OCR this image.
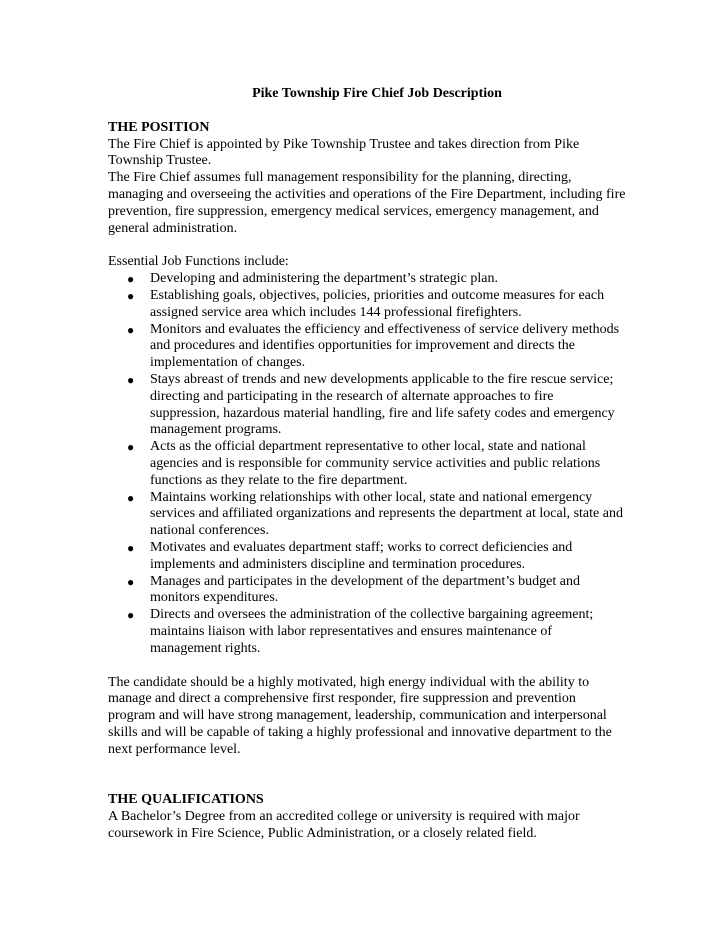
Pike Township Fire Chief Job Description

THE POSITION

The Fire Chief is appointed by Pike Township Trustee and takes direction from Pike Township Trustee.

The Fire Chief assumes full management responsibility for the planning, directing, managing and overseeing the activities and operations of the Fire Department, including fire prevention, fire suppression, emergency medical services, emergency management, and general administration.

Essential Job Functions include:

● Developing and administering the department’s strategic plan.
● Establishing goals, objectives, policies, priorities and outcome measures for each assigned service area which includes 144 professional firefighters.
● Monitors and evaluates the efficiency and effectiveness of service delivery methods and procedures and identifies opportunities for improvement and directs the implementation of changes.
● Stays abreast of trends and new developments applicable to the fire rescue service; directing and participating in the research of alternate approaches to fire suppression, hazardous material handling, fire and life safety codes and emergency management programs.
● Acts as the official department representative to other local, state and national agencies and is responsible for community service activities and public relations functions as they relate to the fire department.
● Maintains working relationships with other local, state and national emergency services and affiliated organizations and represents the department at local, state and national conferences.
● Motivates and evaluates department staff; works to correct deficiencies and implements and administers discipline and termination procedures.
● Manages and participates in the development of the department’s budget and monitors expenditures.
● Directs and oversees the administration of the collective bargaining agreement; maintains liaison with labor representatives and ensures maintenance of management rights.

The candidate should be a highly motivated, high energy individual with the ability to manage and direct a comprehensive first responder, fire suppression and prevention program and will have strong management, leadership, communication and interpersonal skills and will be capable of taking a highly professional and innovative department to the next performance level.

THE QUALIFICATIONS

A Bachelor’s Degree from an accredited college or university is required with major coursework in Fire Science, Public Administration, or a closely related field.
